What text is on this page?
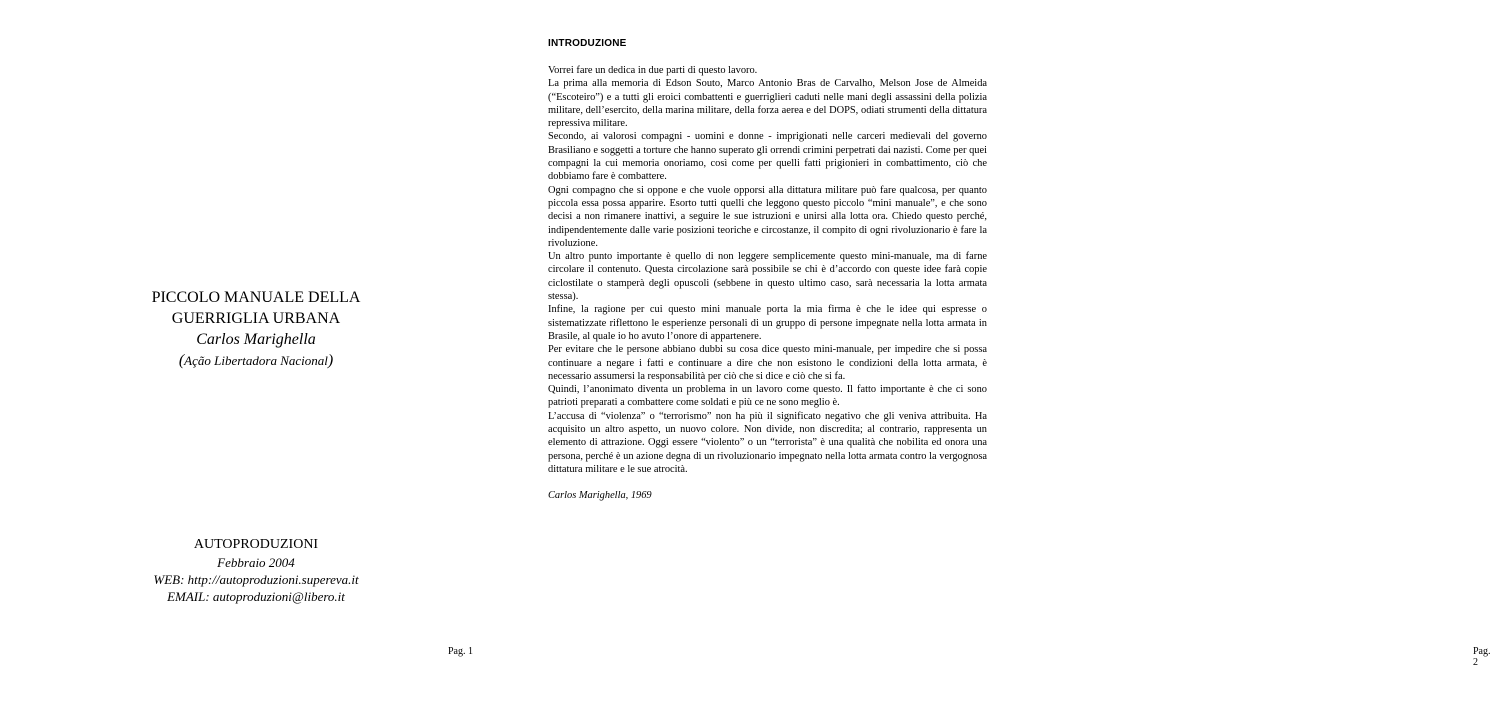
PICCOLO MANUALE DELLA
GUERRIGLIA URBANA
Carlos Marighella
(Ação Libertadora Nacional)
AUTOPRODUZIONI
Febbraio 2004
WEB: http://autoproduzioni.supereva.it
EMAIL: autoproduzioni@libero.it
Pag. 1
INTRODUZIONE

Vorrei fare un dedica in due parti di questo lavoro.

La prima alla memoria di Edson Souto, Marco Antonio Bras de Carvalho, Melson Jose de Almeida (“Escoteiro”) e a tutti gli eroici combattenti e guerriglieri caduti nelle mani degli assassini della polizia militare, dell’esercito, della marina militare, della forza aerea e del DOPS, odiati strumenti della dittatura repressiva militare.

Secondo, ai valorosi compagni - uomini e donne - imprigionati nelle carceri medievali del governo Brasiliano e soggetti a torture che hanno superato gli orrendi crimini perpetrati dai nazisti. Come per quei compagni la cui memoria onoriamo, così come per quelli fatti prigionieri in combattimento, ciò che dobbiamo fare è combattere.

Ogni compagno che si oppone e che vuole opporsi alla dittatura militare può fare qualcosa, per quanto piccola essa possa apparire. Esorto tutti quelli che leggono questo piccolo “mini manuale”, e che sono decisi a non rimanere inattivi, a seguire le sue istruzioni e unirsi alla lotta ora. Chiedo questo perché, indipendentemente dalle varie posizioni teoriche e circostanze, il compito di ogni rivoluzionario è fare la rivoluzione.

Un altro punto importante è quello di non leggere semplicemente questo mini-manuale, ma di farne circolare il contenuto. Questa circolazione sarà possibile se chi è d’accordo con queste idee farà copie ciclostilate o stamperà degli opuscoli (sebbene in questo ultimo caso, sarà necessaria la lotta armata stessa).

Infine, la ragione per cui questo mini manuale porta la mia firma è che le idee qui espresse o sistematizzate riflettono le esperienze personali di un gruppo di persone impegnate nella lotta armata in Brasile, al quale io ho avuto l’onore di appartenere.

Per evitare che le persone abbiano dubbi su cosa dice questo mini-manuale, per impedire che si possa continuare a negare i fatti e continuare a dire che non esistono le condizioni della lotta armata, è necessario assumersi la responsabilità per ciò che si dice e ciò che si fa.

Quindi, l’anonimato diventa un problema in un lavoro come questo. Il fatto importante è che ci sono patrioti preparati a combattere come soldati e più ce ne sono meglio è.

L’accusa di “violenza” o “terrorismo” non ha più il significato negativo che gli veniva attribuita. Ha acquisito un altro aspetto, un nuovo colore. Non divide, non discredita; al contrario, rappresenta un elemento di attrazione. Oggi essere “violento” o un “terrorista” è una qualità che nobilita ed onora una persona, perché è un azione degna di un rivoluzionario impegnato nella lotta armata contro la vergognosa dittatura militare e le sue atrocità.

Carlos Marighella, 1969
Pag. 2
